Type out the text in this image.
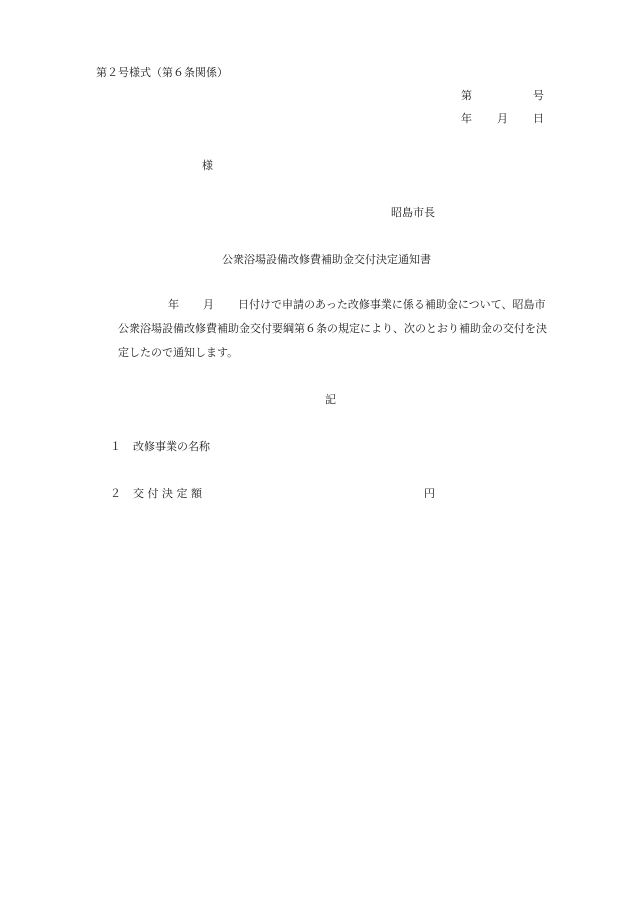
第２号様式（第６条関係）
第	号
年 月 日
様
昭島市長
公衆浴場設備改修費補助金交付決定通知書
年 月 日付けで申請のあった改修事業に係る補助金について、昭島市
公衆浴場設備改修費補助金交付要綱第６条の規定により、次のとおり補助金の交付を決
定したので通知します。
記
１ 改修事業の名称
２ 交 付 決 定 額	円
